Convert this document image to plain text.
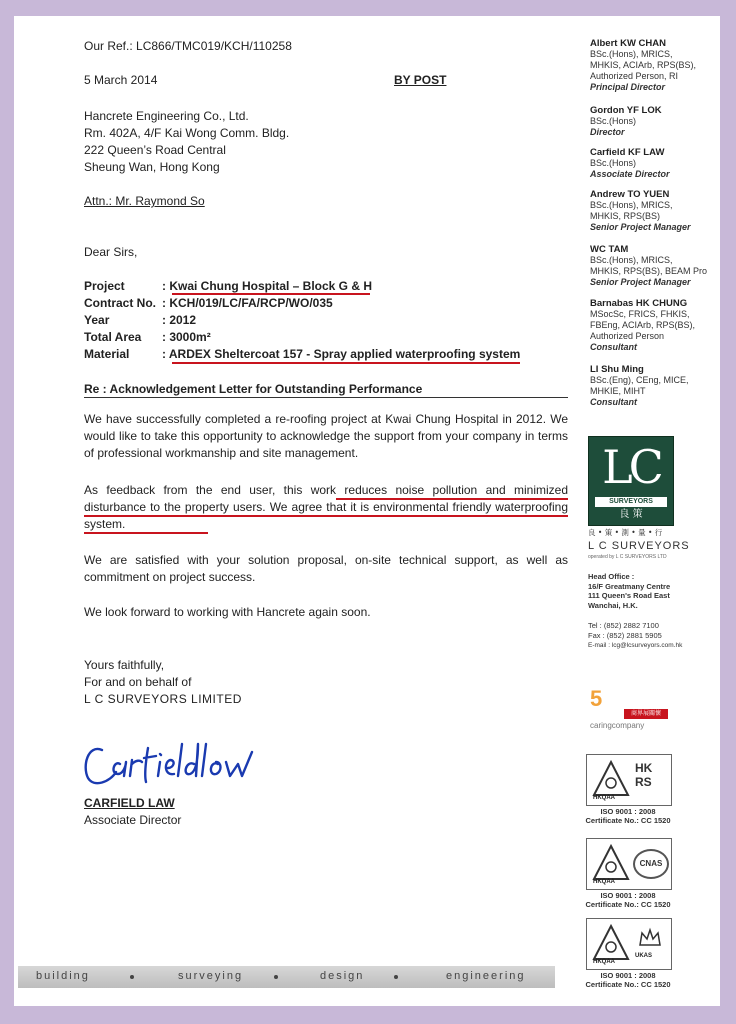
Our Ref.: LC866/TMC019/KCH/110258
5 March 2014	BY POST
Hancrete Engineering Co., Ltd.
Rm. 402A, 4/F Kai Wong Comm. Bldg.
222 Queen’s Road Central
Sheung Wan, Hong Kong
Attn.: Mr. Raymond So
Dear Sirs,
Project	: Kwai Chung Hospital – Block G & H
Contract No. : KCH/019/LC/FA/RCP/WO/035
Year	: 2012
Total Area : 3000m²
Material	: ARDEX Sheltercoat 157 - Spray applied waterproofing system
Re : Acknowledgement Letter for Outstanding Performance
We have successfully completed a re-roofing project at Kwai Chung Hospital in 2012. We would like to take this opportunity to acknowledge the support from your company in terms of professional workmanship and site management.
As feedback from the end user, this work reduces noise pollution and minimized disturbance to the property users. We agree that it is environmental friendly waterproofing system.
We are satisfied with your solution proposal, on-site technical support, as well as commitment on project success.
We look forward to working with Hancrete again soon.
Yours faithfully,
For and on behalf of
L C SURVEYORS LIMITED
CARFIELD LAW
Associate Director
Albert KW CHAN
BSc.(Hons), MRICS,
MHKIS, ACIArb, RPS(BS),
Authorized Person, RI
Principal Director
Gordon YF LOK
BSc.(Hons)
Director
Carfield KF LAW
BSc.(Hons)
Associate Director
Andrew TO YUEN
BSc.(Hons), MRICS,
MHKIS, RPS(BS)
Senior Project Manager
WC TAM
BSc.(Hons), MRICS,
MHKIS, RPS(BS), BEAM Pro
Senior Project Manager
Barnabas HK CHUNG
MSocSc, FRICS, FHKIS,
FBEng, ACIArb, RPS(BS),
Authorized Person
Consultant
LI Shu Ming
BSc.(Eng), CEng, MICE,
MHKIE, MIHT
Consultant
LC
SURVEYORS
良 策
良 • 策 • 測 • 量 • 行
L C SURVEYORS
operated by L C SURVEYORS LTD
Head Office :
16/F Greatmany Centre
111 Queen's Road East
Wanchai, H.K.
Tel : (852) 2882 7100
Fax : (852) 2881 5905
E-mail : lcg@lcsurveyors.com.hk
5
商界展關懷
caringcompany
HKQAA
HK RS
ISO 9001 : 2008
Certificate No.: CC 1520
HKQAA
CNAS
ISO 9001 : 2008
Certificate No.: CC 1520
HKQAA
UKAS
ISO 9001 : 2008
Certificate No.: CC 1520
building	surveying	design	engineering
